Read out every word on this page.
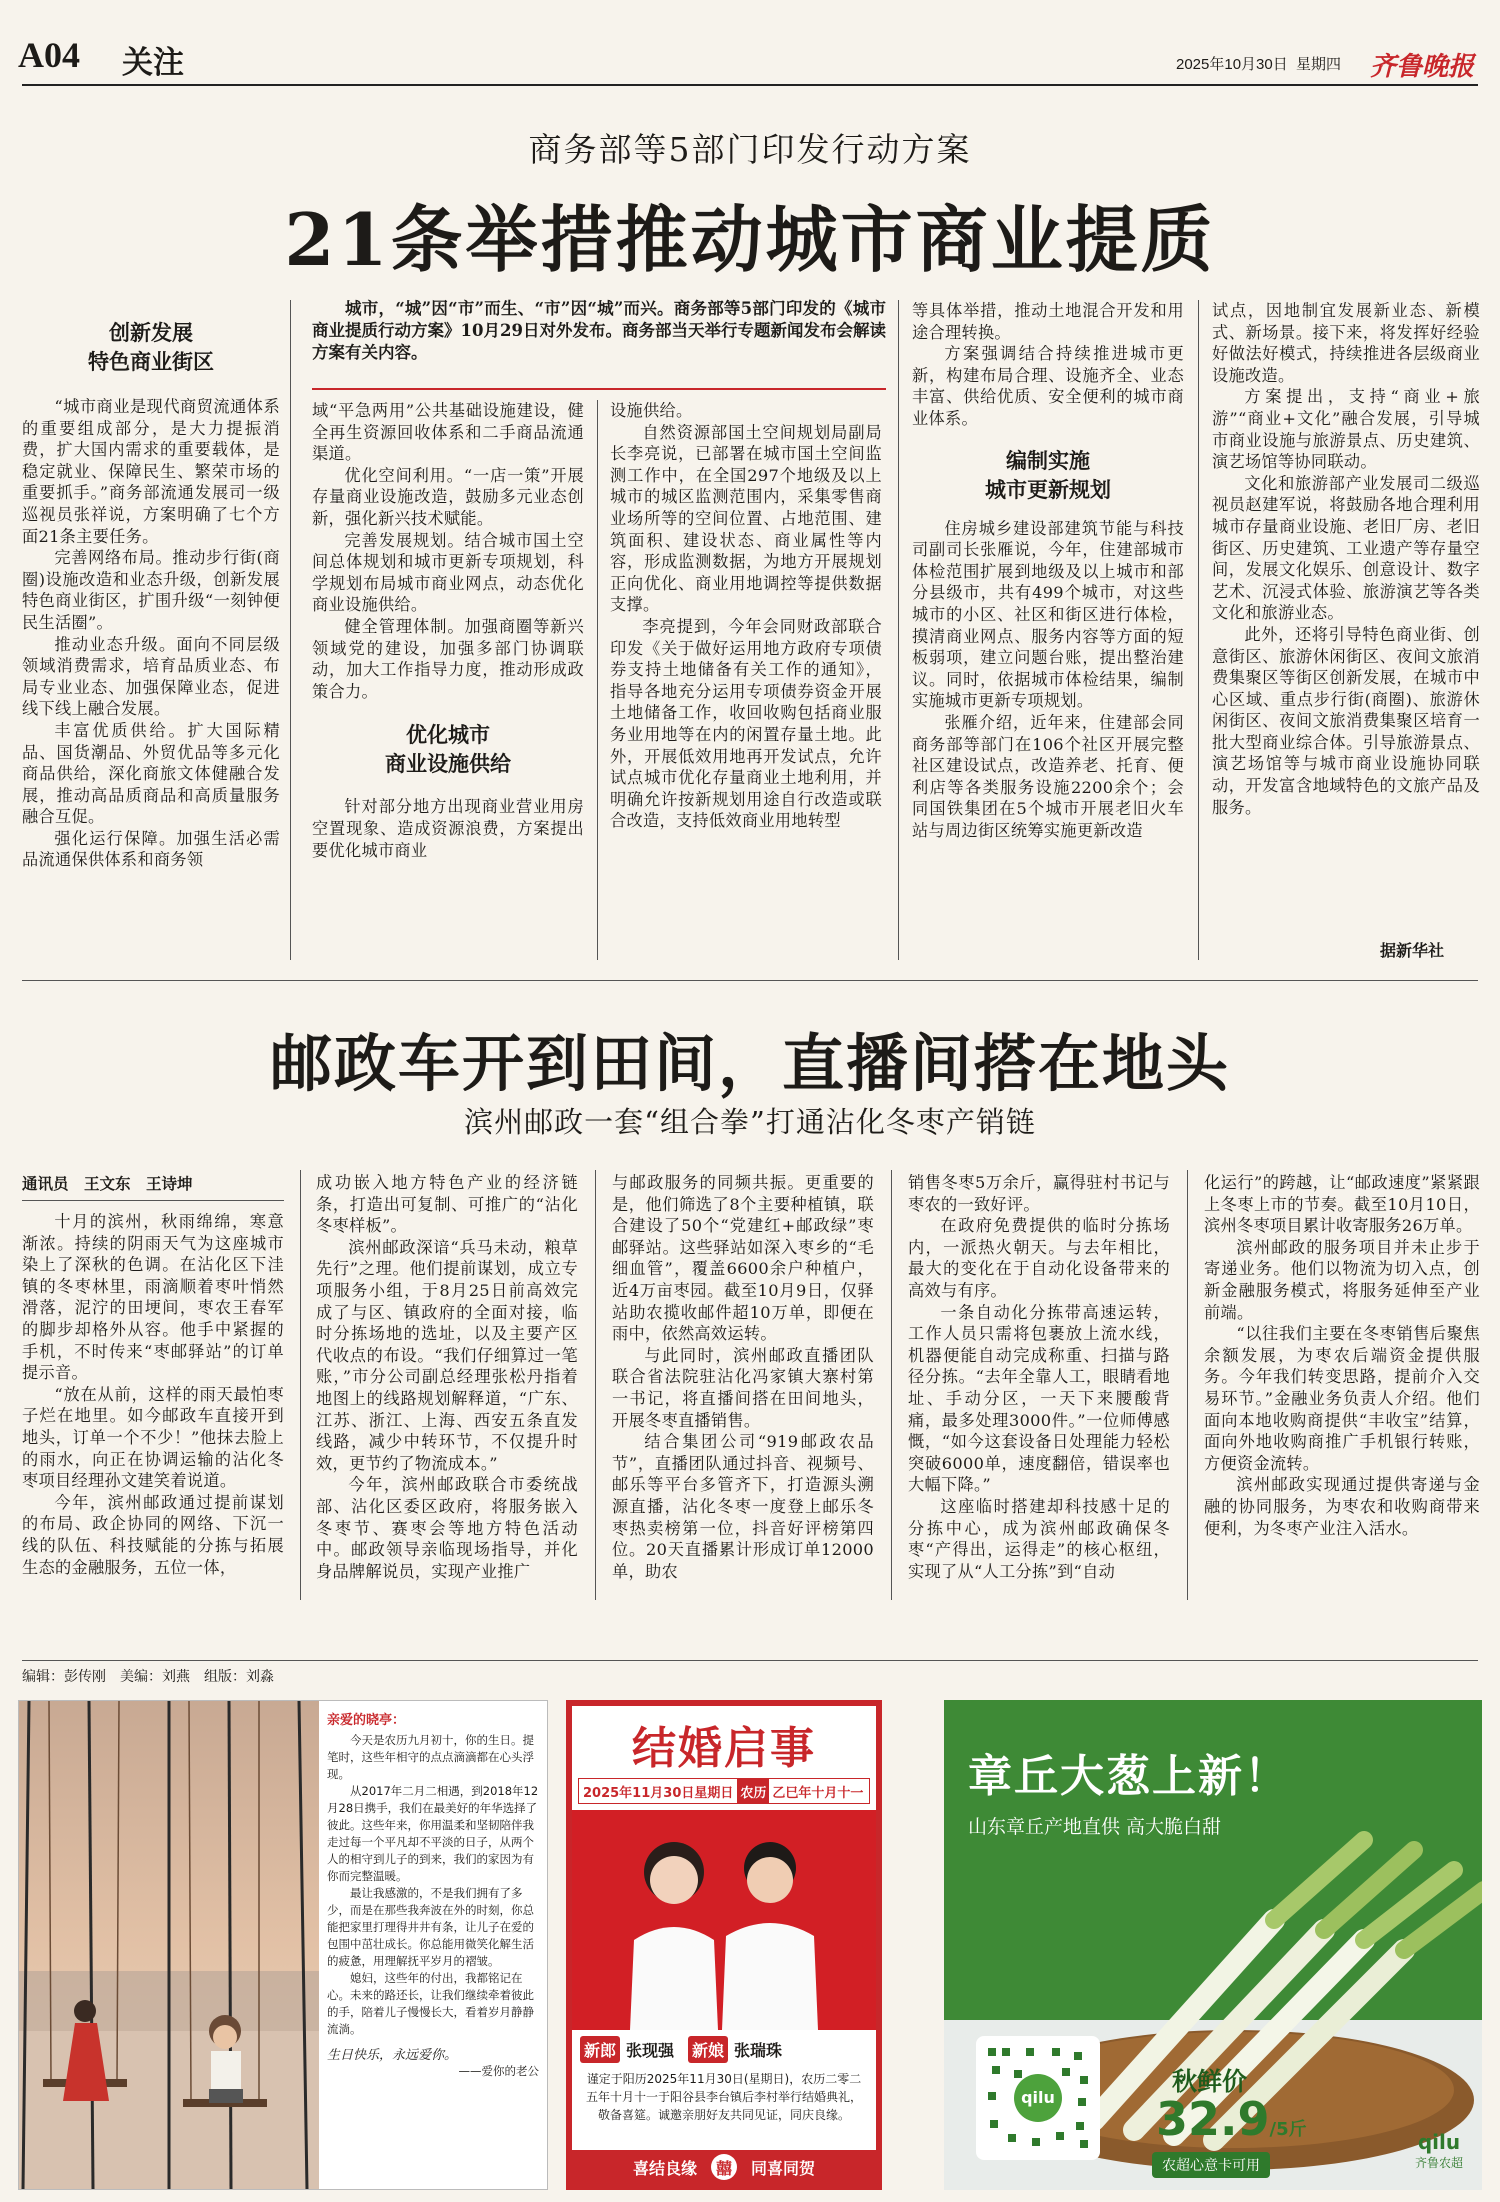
A04 关注	2025年10月30日 星期四 齐鲁晚报
商务部等5部门印发行动方案
21条举措推动城市商业提质
创新发展
特色商业街区

“城市商业是现代商贸流通体系的重要组成部分，是大力提振消费，扩大国内需求的重要载体，是稳定就业、保障民生、繁荣市场的重要抓手。”商务部流通发展司一级巡视员张祥说，方案明确了七个方面21条主要任务。

完善网络布局。推动步行街(商圈)设施改造和业态升级，创新发展特色商业街区，扩围升级“一刻钟便民生活圈”。

推动业态升级。面向不同层级领域消费需求，培育品质业态、布局专业业态、加强保障业态，促进线下线上融合发展。

丰富优质供给。扩大国际精品、国货潮品、外贸优品等多元化商品供给，深化商旅文体健融合发展，推动高品质商品和高质量服务融合互促。

强化运行保障。加强生活必需品流通保供体系和商务领

城市，“城”因“市”而生、“市”因“城”而兴。商务部等5部门印发的《城市商业提质行动方案》10月29日对外发布。商务部当天举行专题新闻发布会解读方案有关内容。

域“平急两用”公共基础设施建设，健全再生资源回收体系和二手商品流通渠道。

优化空间利用。“一店一策”开展存量商业设施改造，鼓励多元业态创新，强化新兴技术赋能。

完善发展规划。结合城市国土空间总体规划和城市更新专项规划，科学规划布局城市商业网点，动态优化商业设施供给。

健全管理体制。加强商圈等新兴领域党的建设，加强多部门协调联动，加大工作指导力度，推动形成政策合力。

优化城市
商业设施供给

针对部分地方出现商业营业用房空置现象、造成资源浪费，方案提出要优化城市商业

设施供给。

自然资源部国土空间规划局副局长李亮说，已部署在城市国土空间监测工作中，在全国297个地级及以上城市的城区监测范围内，采集零售商业场所等的空间位置、占地范围、建筑面积、建设状态、商业属性等内容，形成监测数据，为地方开展规划正向优化、商业用地调控等提供数据支撑。

李亮提到，今年会同财政部联合印发《关于做好运用地方政府专项债券支持土地储备有关工作的通知》，指导各地充分运用专项债券资金开展土地储备工作，收回收购包括商业服务业用地等在内的闲置存量土地。此外，开展低效用地再开发试点，允许试点城市优化存量商业土地利用，并明确允许按新规划用途自行改造或联合改造，支持低效商业用地转型

等具体举措，推动土地混合开发和用途合理转换。

方案强调结合持续推进城市更新，构建布局合理、设施齐全、业态丰富、供给优质、安全便利的城市商业体系。

编制实施
城市更新规划

住房城乡建设部建筑节能与科技司副司长张雁说，今年，住建部城市体检范围扩展到地级及以上城市和部分县级市，共有499个城市，对这些城市的小区、社区和街区进行体检，摸清商业网点、服务内容等方面的短板弱项，建立问题台账，提出整治建议。同时，依据城市体检结果，编制实施城市更新专项规划。

张雁介绍，近年来，住建部会同商务部等部门在106个社区开展完整社区建设试点，改造养老、托育、便利店等各类服务设施2200余个；会同国铁集团在5个城市开展老旧火车站与周边街区统筹实施更新改造

试点，因地制宜发展新业态、新模式、新场景。接下来，将发挥好经验好做法好模式，持续推进各层级商业设施改造。

方案提出，支持“商业+旅游”“商业+文化”融合发展，引导城市商业设施与旅游景点、历史建筑、演艺场馆等协同联动。

文化和旅游部产业发展司二级巡视员赵建军说，将鼓励各地合理利用城市存量商业设施、老旧厂房、老旧街区、历史建筑、工业遗产等存量空间，发展文化娱乐、创意设计、数字艺术、沉浸式体验、旅游演艺等各类文化和旅游业态。

此外，还将引导特色商业街、创意街区、旅游休闲街区、夜间文旅消费集聚区等街区创新发展，在城市中心区域、重点步行街(商圈)、旅游休闲街区、夜间文旅消费集聚区培育一批大型商业综合体。引导旅游景点、演艺场馆等与城市商业设施协同联动，开发富含地域特色的文旅产品及服务。

据新华社
邮政车开到田间，直播间搭在地头
滨州邮政一套“组合拳”打通沾化冬枣产销链
通讯员　王文东　王诗坤

十月的滨州，秋雨绵绵，寒意渐浓。持续的阴雨天气为这座城市染上了深秋的色调。在沾化区下洼镇的冬枣林里，雨滴顺着枣叶悄然滑落，泥泞的田埂间，枣农王春军的脚步却格外从容。他手中紧握的手机，不时传来“枣邮驿站”的订单提示音。

“放在从前，这样的雨天最怕枣子烂在地里。如今邮政车直接开到地头，订单一个不少！”他抹去脸上的雨水，向正在协调运输的沾化冬枣项目经理孙文建笑着说道。

今年，滨州邮政通过提前谋划的布局、政企协同的网络、下沉一线的队伍、科技赋能的分拣与拓展生态的金融服务，五位一体，

成功嵌入地方特色产业的经济链条，打造出可复制、可推广的“沾化冬枣样板”。

滨州邮政深谙“兵马未动，粮草先行”之理。他们提前谋划，成立专项服务小组，于8月25日前高效完成了与区、镇政府的全面对接，临时分拣场地的选址，以及主要产区代收点的布设。“我们仔细算过一笔账，”市分公司副总经理张松丹指着地图上的线路规划解释道，“广东、江苏、浙江、上海、西安五条直发线路，减少中转环节，不仅提升时效，更节约了物流成本。”

今年，滨州邮政联合市委统战部、沾化区委区政府，将服务嵌入冬枣节、赛枣会等地方特色活动中。邮政领导亲临现场指导，并化身品牌解说员，实现产业推广

与邮政服务的同频共振。更重要的是，他们筛选了8个主要种植镇，联合建设了50个“党建红+邮政绿”枣邮驿站。这些驿站如深入枣乡的“毛细血管”，覆盖6600余户种植户，近4万亩枣园。截至10月9日，仅驿站助农揽收邮件超10万单，即便在雨中，依然高效运转。

与此同时，滨州邮政直播团队联合省法院驻沾化冯家镇大寨村第一书记，将直播间搭在田间地头，开展冬枣直播销售。

结合集团公司“919邮政农品节”，直播团队通过抖音、视频号、邮乐等平台多管齐下，打造源头溯源直播，沾化冬枣一度登上邮乐冬枣热卖榜第一位，抖音好评榜第四位。20天直播累计形成订单12000单，助农

销售冬枣5万余斤，赢得驻村书记与枣农的一致好评。

在政府免费提供的临时分拣场内，一派热火朝天。与去年相比，最大的变化在于自动化设备带来的高效与有序。

一条自动化分拣带高速运转，工作人员只需将包裹放上流水线，机器便能自动完成称重、扫描与路径分拣。“去年全靠人工，眼睛看地址、手动分区，一天下来腰酸背痛，最多处理3000件。”一位师傅感慨，“如今这套设备日处理能力轻松突破6000单，速度翻倍，错误率也大幅下降。”

这座临时搭建却科技感十足的分拣中心，成为滨州邮政确保冬枣“产得出，运得走”的核心枢纽，实现了从“人工分拣”到“自动

化运行”的跨越，让“邮政速度”紧紧跟上冬枣上市的节奏。截至10月10日，滨州冬枣项目累计收寄服务26万单。

滨州邮政的服务项目并未止步于寄递业务。他们以物流为切入点，创新金融服务模式，将服务延伸至产业前端。

“以往我们主要在冬枣销售后聚焦余额发展，为枣农后端资金提供服务。今年我们转变思路，提前介入交易环节。”金融业务负责人介绍。他们面向本地收购商提供“丰收宝”结算，面向外地收购商推广手机银行转账，方便资金流转。

滨州邮政实现通过提供寄递与金融的协同服务，为枣农和收购商带来便利，为冬枣产业注入活水。

编辑：彭传刚　美编：刘燕　组版：刘淼
亲爱的晓亭：
今天是农历九月初十，你的生日。提笔时，这些年相守的点点滴滴都在心头浮现。
从2017年二月二相遇，到2018年12月28日携手，我们在最美好的年华选择了彼此。这些年来，你用温柔和坚韧陪伴我走过每一个平凡却不平淡的日子，从两个人的相守到儿子的到来，我们的家因为有你而完整温暖。
最让我感激的，不是我们拥有了多少，而是在那些我奔波在外的时刻，你总能把家里打理得井井有条，让儿子在爱的包围中茁壮成长。你总能用微笑化解生活的疲惫，用理解抚平岁月的褶皱。
媳妇，这些年的付出，我都铭记在心。未来的路还长，让我们继续牵着彼此的手，陪着儿子慢慢长大，看着岁月静静流淌。
生日快乐，永远爱你。
——爱你的老公
结婚启事
2025年11月30日星期日 农历 乙巳年十月十一
新郎 张现强 新娘 张瑞珠
谨定于阳历2025年11月30日(星期日)，农历二零二五年十月十一于阳谷县李台镇后李村举行结婚典礼，敬备喜筵。诚邀亲朋好友共同见证，同庆良缘。
喜结良缘	囍	同喜同贺
章丘大葱上新！
山东章丘产地直供 高大脆白甜
qilu
秋鲜价
32.9/5斤
农超心意卡可用
qilu
齐鲁农超
